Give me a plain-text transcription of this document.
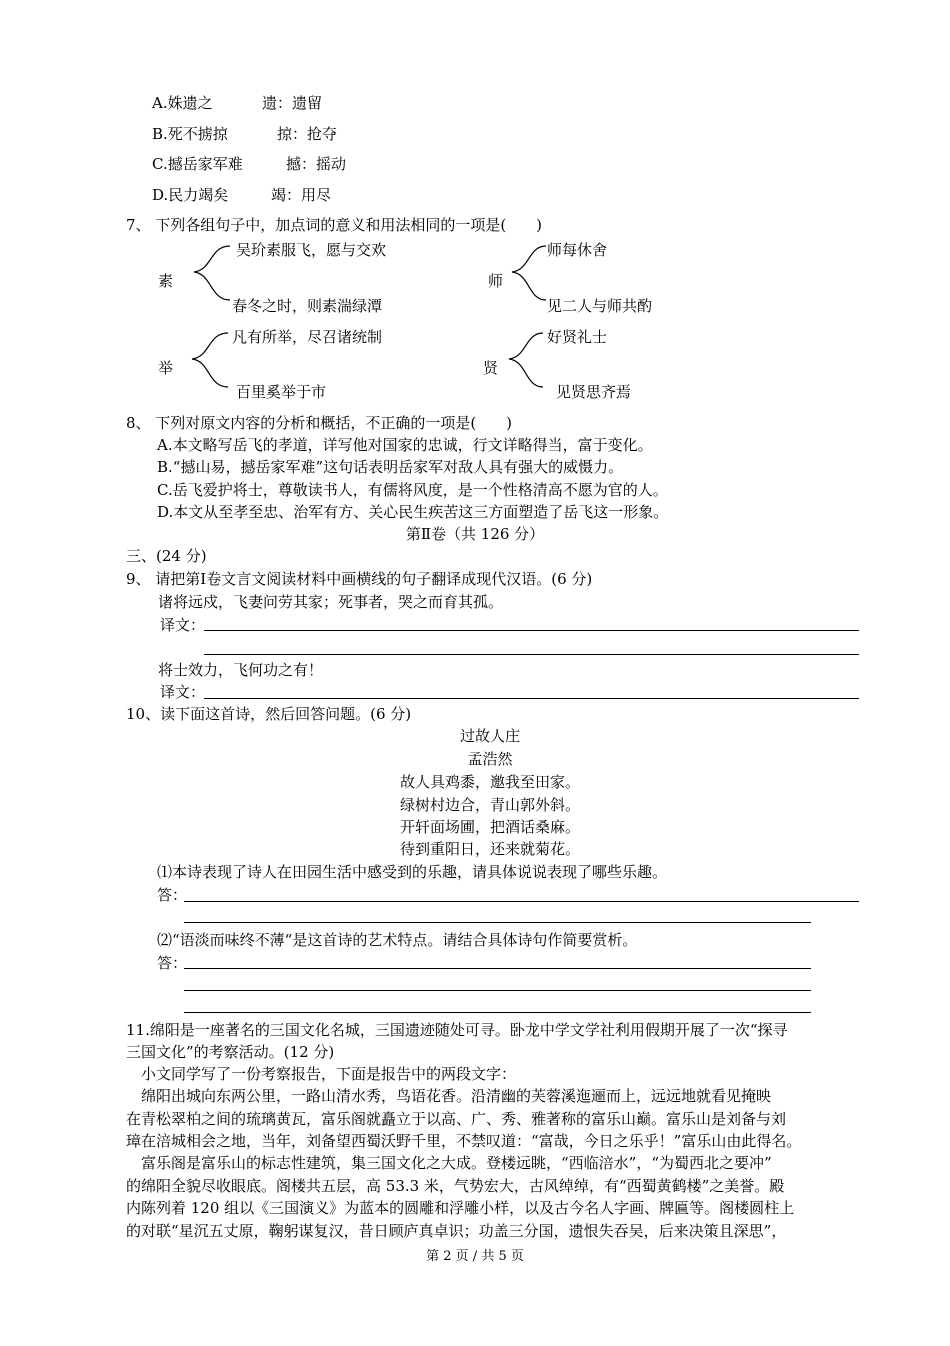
A.姝遗之	遗：遗留
B.死不掳掠	掠：抢夺
C.撼岳家军难	撼：摇动
D.民力竭矣	竭：用尽
7、 下列各组句子中，加点词的意义和用法相同的一项是(　　)
素
吴玠素服飞，愿与交欢
春冬之时，则素湍绿潭
师
师每休舍
见二人与师共酌
举
凡有所举，尽召诸统制
百里奚举于市
贤
好贤礼士
见贤思齐焉
8、 下列对原文内容的分析和概括，不正确的一项是(　　)
A.本文略写岳飞的孝道，详写他对国家的忠诚，行文详略得当，富于变化。
B.“撼山易，撼岳家军难”这句话表明岳家军对敌人具有强大的威慑力。
C.岳飞爱护将士，尊敬读书人，有儒将风度，是一个性格清高不愿为官的人。
D.本文从至孝至忠、治军有方、关心民生疾苦这三方面塑造了岳飞这一形象。
第Ⅱ卷（共 126 分）
三、(24 分)
9、 请把第Ⅰ卷文言文阅读材料中画横线的句子翻译成现代汉语。(6 分)
诸将远戍，飞妻问劳其家；死事者，哭之而育其孤。
译文：
将士效力，飞何功之有！
译文：
10、读下面这首诗，然后回答问题。(6 分)
过故人庄
孟浩然
故人具鸡黍，邀我至田家。
绿树村边合，青山郭外斜。
开轩面场圃，把酒话桑麻。
待到重阳日，还来就菊花。
⑴本诗表现了诗人在田园生活中感受到的乐趣，请具体说说表现了哪些乐趣。
答：
⑵“语淡而味终不薄“是这首诗的艺术特点。请结合具体诗句作简要赏析。
答：
11.绵阳是一座著名的三国文化名城，三国遗迹随处可寻。卧龙中学文学社利用假期开展了一次“探寻
三国文化”的考察活动。(12 分)
　小文同学写了一份考察报告，下面是报告中的两段文字：
　绵阳出城向东两公里，一路山清水秀，鸟语花香。沿清幽的芙蓉溪迤逦而上，远远地就看见掩映
在青松翠柏之间的琉璃黄瓦，富乐阁就矗立于以高、广、秀、雅著称的富乐山巅。富乐山是刘备与刘
璋在涪城相会之地，当年，刘备望西蜀沃野千里，不禁叹道：“富哉，今日之乐乎！”富乐山由此得名。
　富乐阁是富乐山的标志性建筑，集三国文化之大成。登楼远眺，“西临涪水”，“为蜀西北之要冲”
的绵阳全貌尽收眼底。阁楼共五层，高 53.3 米，气势宏大，古风绰绰，有“西蜀黄鹤楼”之美誉。殿
内陈列着 120 组以《三国演义》为蓝本的圆雕和浮雕小样，以及古今名人字画、牌匾等。阁楼圆柱上
的对联“星沉五丈原，鞠躬谋复汉，昔日顾庐真卓识；功盖三分国，遗恨失吞吴，后来决策且深思”，
第 2 页 / 共 5 页
